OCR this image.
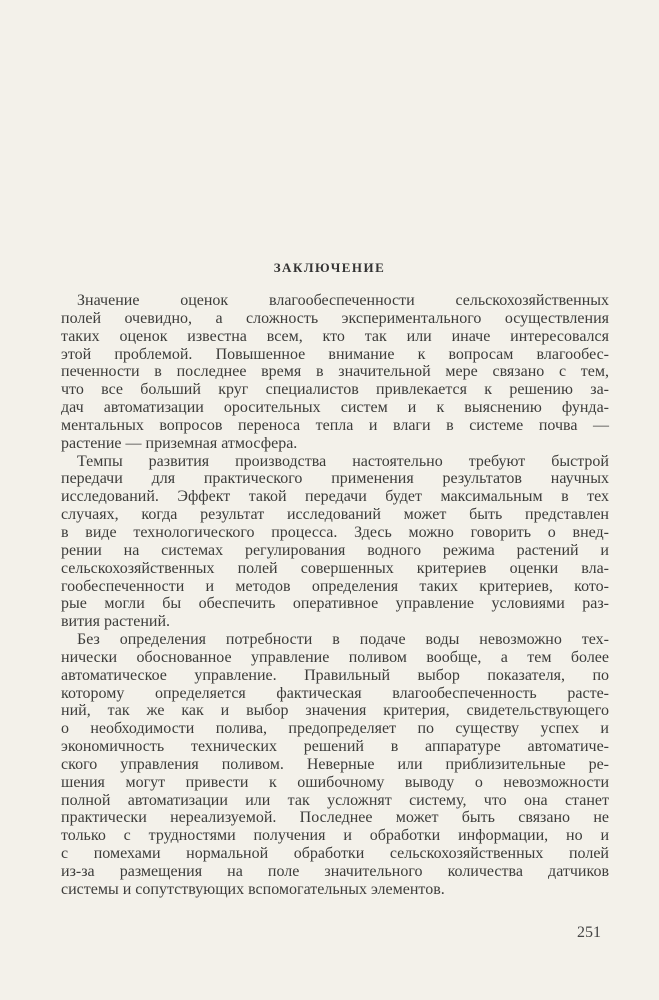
ЗАКЛЮЧЕНИЕ
 Значение оценок влагообеспеченности сельскохозяйственных
полей очевидно, а сложность экспериментального осуществления
таких оценок известна всем, кто так или иначе интересовался
этой проблемой. Повышенное внимание к вопросам влагообес-
печенности в последнее время в значительной мере связано с тем,
что все больший круг специалистов привлекается к решению за-
дач автоматизации оросительных систем и к выяснению фунда-
ментальных вопросов переноса тепла и влаги в системе почва —
растение — приземная атмосфера.
 Темпы развития производства настоятельно требуют быстрой
передачи для практического применения результатов научных
исследований. Эффект такой передачи будет максимальным в тех
случаях, когда результат исследований может быть представлен
в виде технологического процесса. Здесь можно говорить о внед-
рении на системах регулирования водного режима растений и
сельскохозяйственных полей совершенных критериев оценки вла-
гообеспеченности и методов определения таких критериев, кото-
рые могли бы обеспечить оперативное управление условиями раз-
вития растений.
 Без определения потребности в подаче воды невозможно тех-
нически обоснованное управление поливом вообще, а тем более
автоматическое управление. Правильный выбор показателя, по
которому определяется фактическая влагообеспеченность расте-
ний, так же как и выбор значения критерия, свидетельствующего
о необходимости полива, предопределяет по существу успех и
экономичность технических решений в аппаратуре автоматиче-
ского управления поливом. Неверные или приблизительные ре-
шения могут привести к ошибочному выводу о невозможности
полной автоматизации или так усложнят систему, что она станет
практически нереализуемой. Последнее может быть связано не
только с трудностями получения и обработки информации, но и
с помехами нормальной обработки сельскохозяйственных полей
из-за размещения на поле значительного количества датчиков
системы и сопутствующих вспомогательных элементов.
251
